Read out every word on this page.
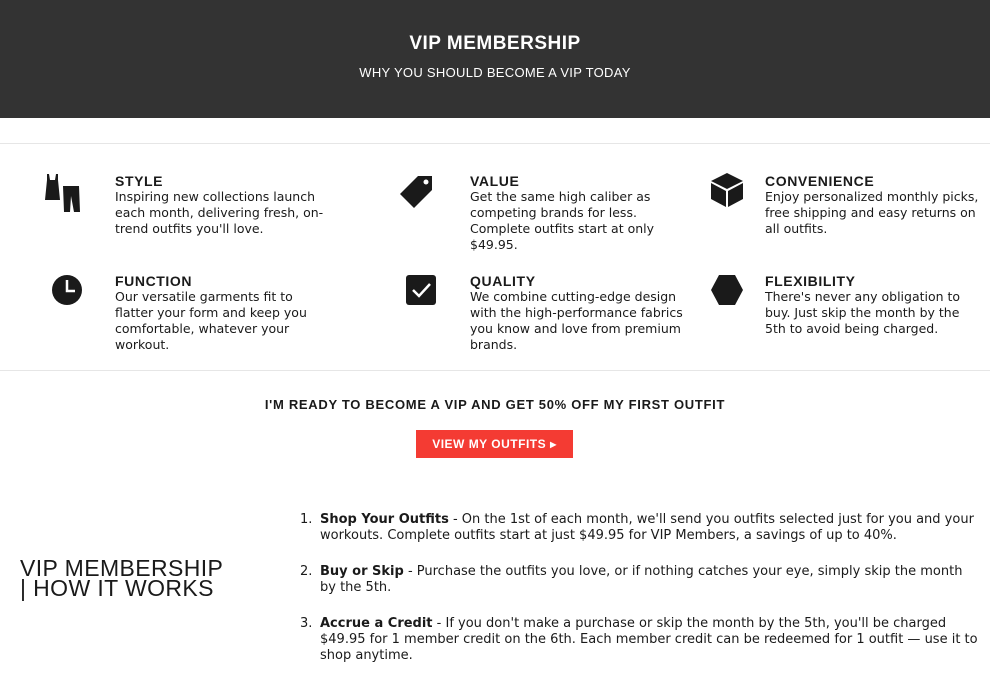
VIP MEMBERSHIP
WHY YOU SHOULD BECOME A VIP TODAY
STYLE
Inspiring new collections launch each month, delivering fresh, on-trend outfits you'll love.
VALUE
Get the same high caliber as competing brands for less. Complete outfits start at only $49.95.
CONVENIENCE
Enjoy personalized monthly picks, free shipping and easy returns on all outfits.
FUNCTION
Our versatile garments fit to flatter your form and keep you comfortable, whatever your workout.
QUALITY
We combine cutting-edge design with the high-performance fabrics you know and love from premium brands.
FLEXIBILITY
There's never any obligation to buy. Just skip the month by the 5th to avoid being charged.
I'M READY TO BECOME A VIP AND GET 50% OFF MY FIRST OUTFIT
VIEW MY OUTFITS ▶
VIP MEMBERSHIP
| HOW IT WORKS
1. Shop Your Outfits - On the 1st of each month, we'll send you outfits selected just for you and your workouts. Complete outfits start at just $49.95 for VIP Members, a savings of up to 40%.
2. Buy or Skip - Purchase the outfits you love, or if nothing catches your eye, simply skip the month by the 5th.
3. Accrue a Credit - If you don't make a purchase or skip the month by the 5th, you'll be charged $49.95 for 1 member credit on the 6th. Each member credit can be redeemed for 1 outfit — use it to shop anytime.
